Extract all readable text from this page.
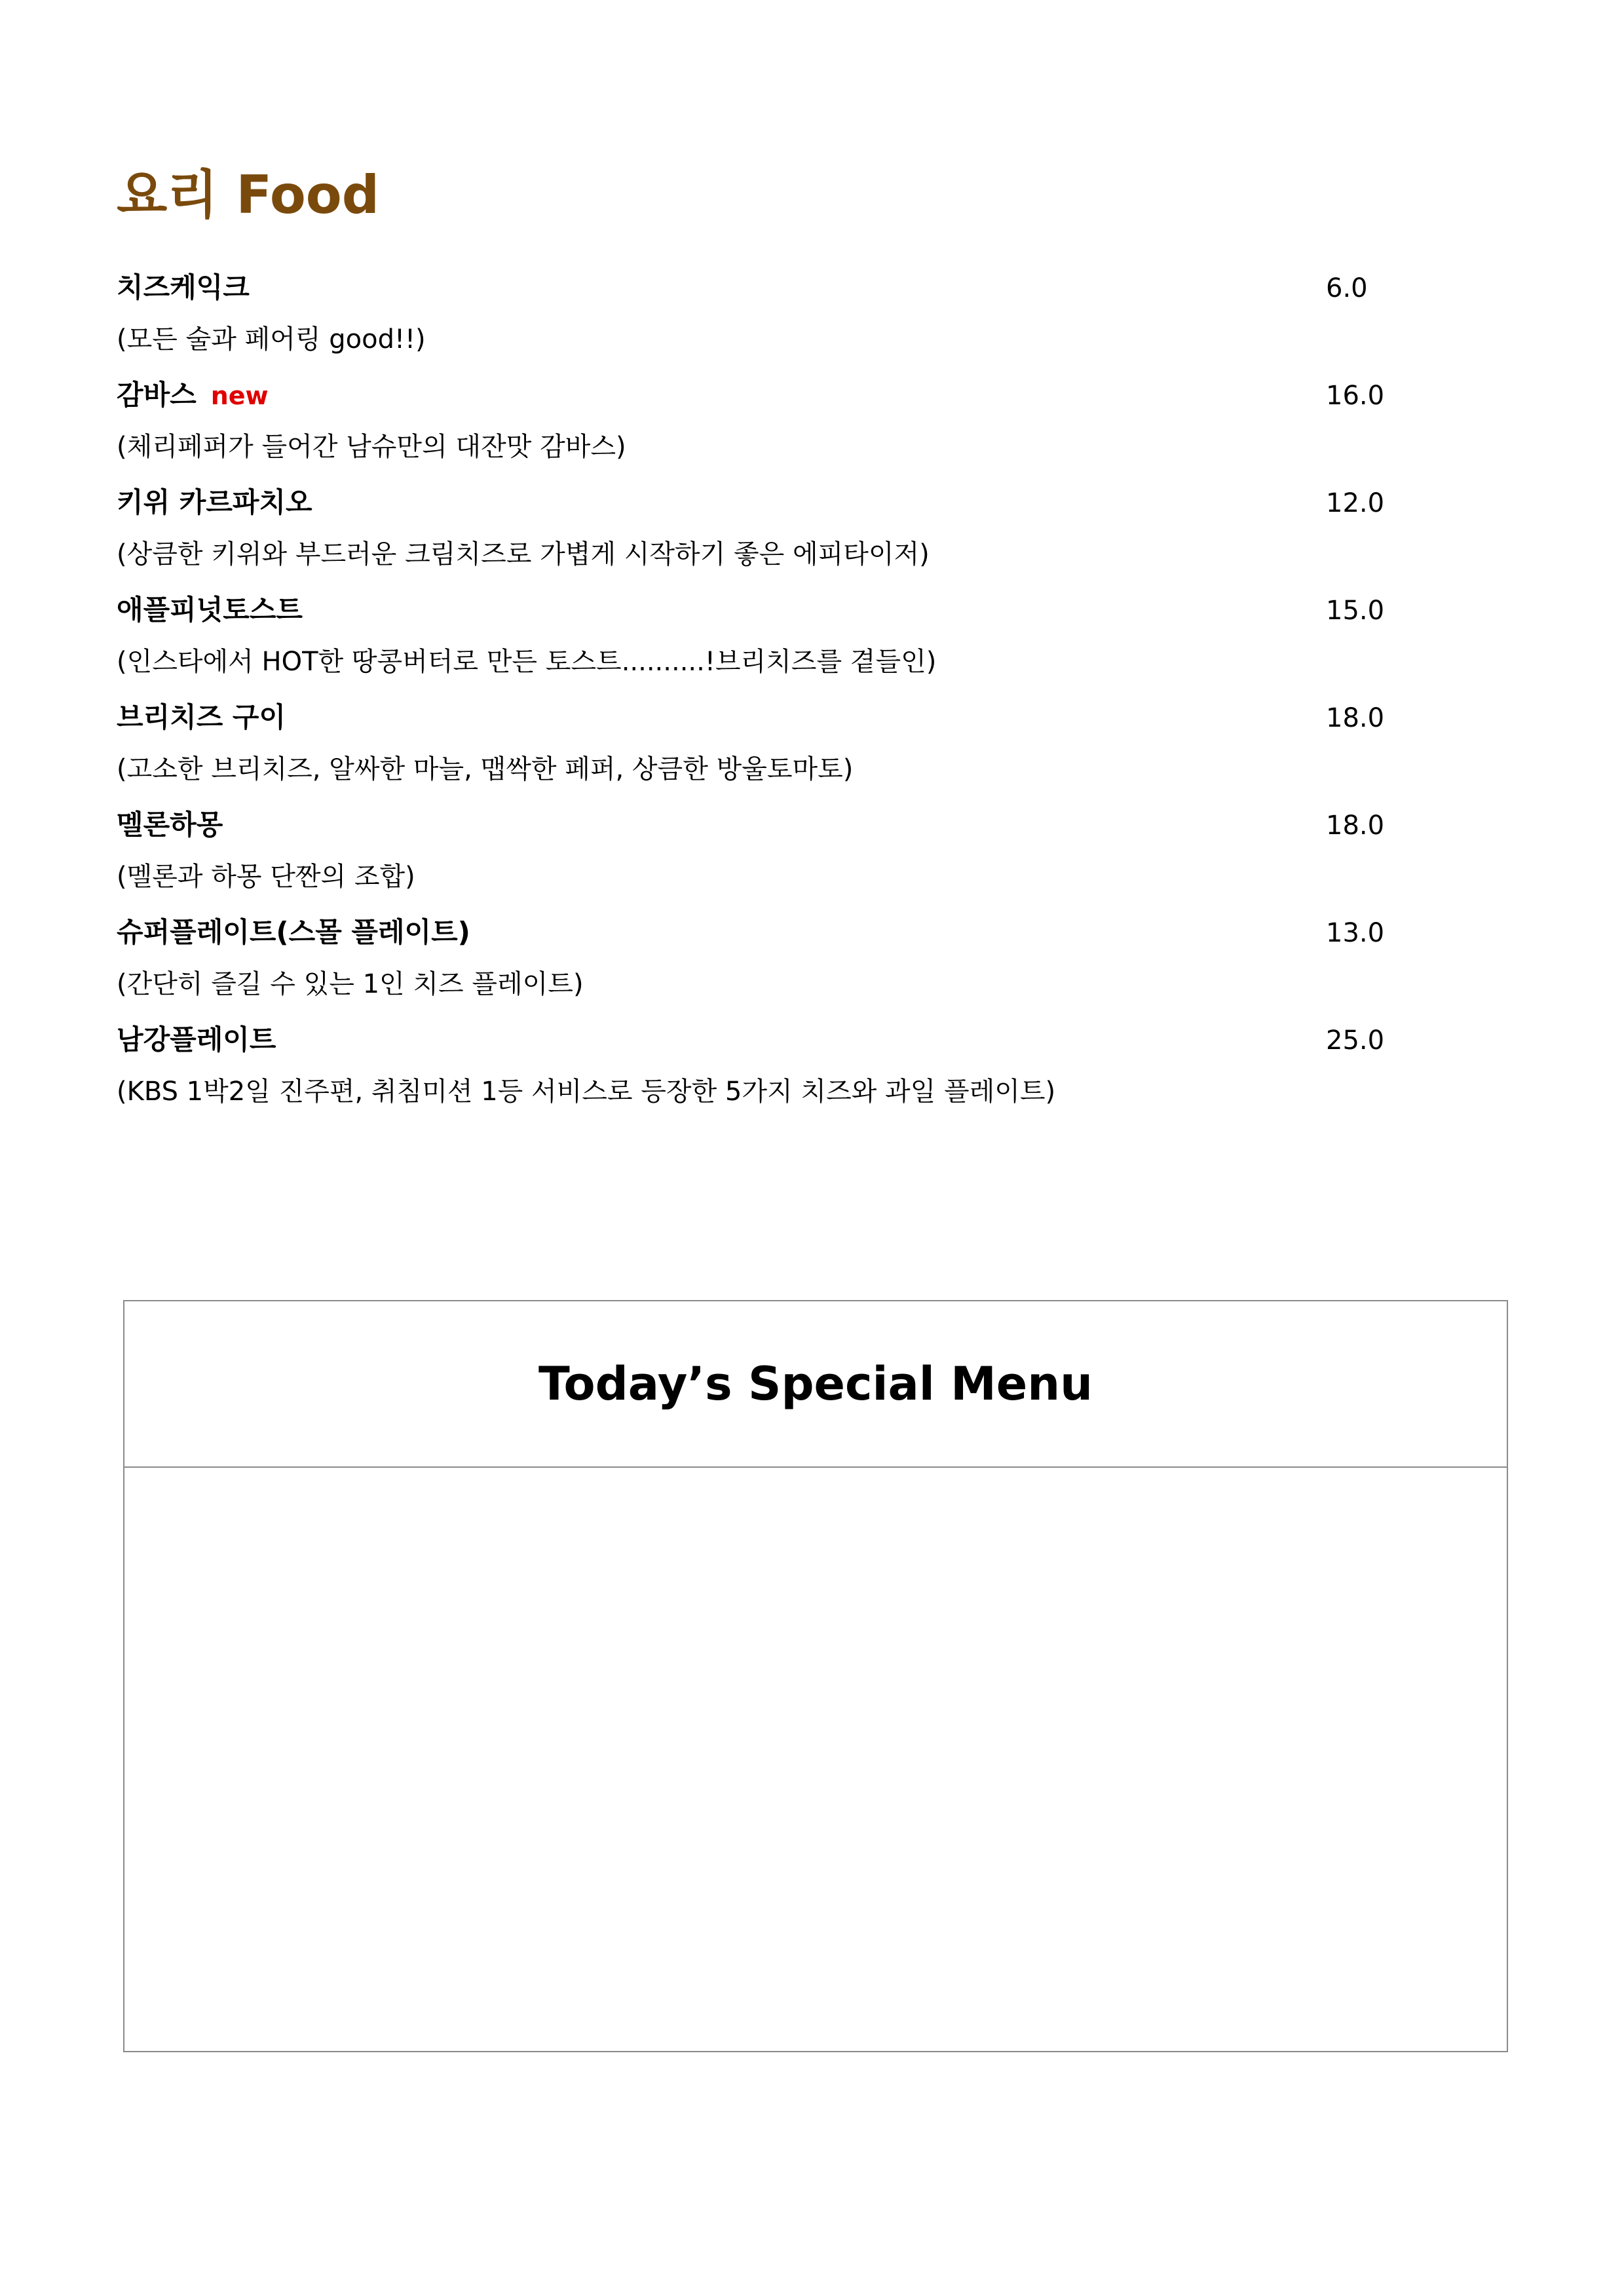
요리 Food
치즈케익크	6.0
(모든 술과 페어링 good!!)
감바스 new	16.0
(체리페퍼가 들어간 남슈만의 대잔맛 감바스)
키위 카르파치오	12.0
(상큼한 키위와 부드러운 크림치즈로 가볍게 시작하기 좋은 에피타이저)
애플피넛토스트	15.0
(인스타에서 HOT한 땅콩버터로 만든 토스트..........!브리치즈를 곁들인)
브리치즈 구이	18.0
(고소한 브리치즈, 알싸한 마늘, 맵싹한 페퍼, 상큼한 방울토마토)
멜론하몽	18.0
(멜론과 하몽 단짠의 조합)
슈퍼플레이트(스몰 플레이트)	13.0
(간단히 즐길 수 있는 1인 치즈 플레이트)
남강플레이트	25.0
(KBS 1박2일 진주편, 취침미션 1등 서비스로 등장한 5가지 치즈와 과일 플레이트)
Today’s Special Menu
